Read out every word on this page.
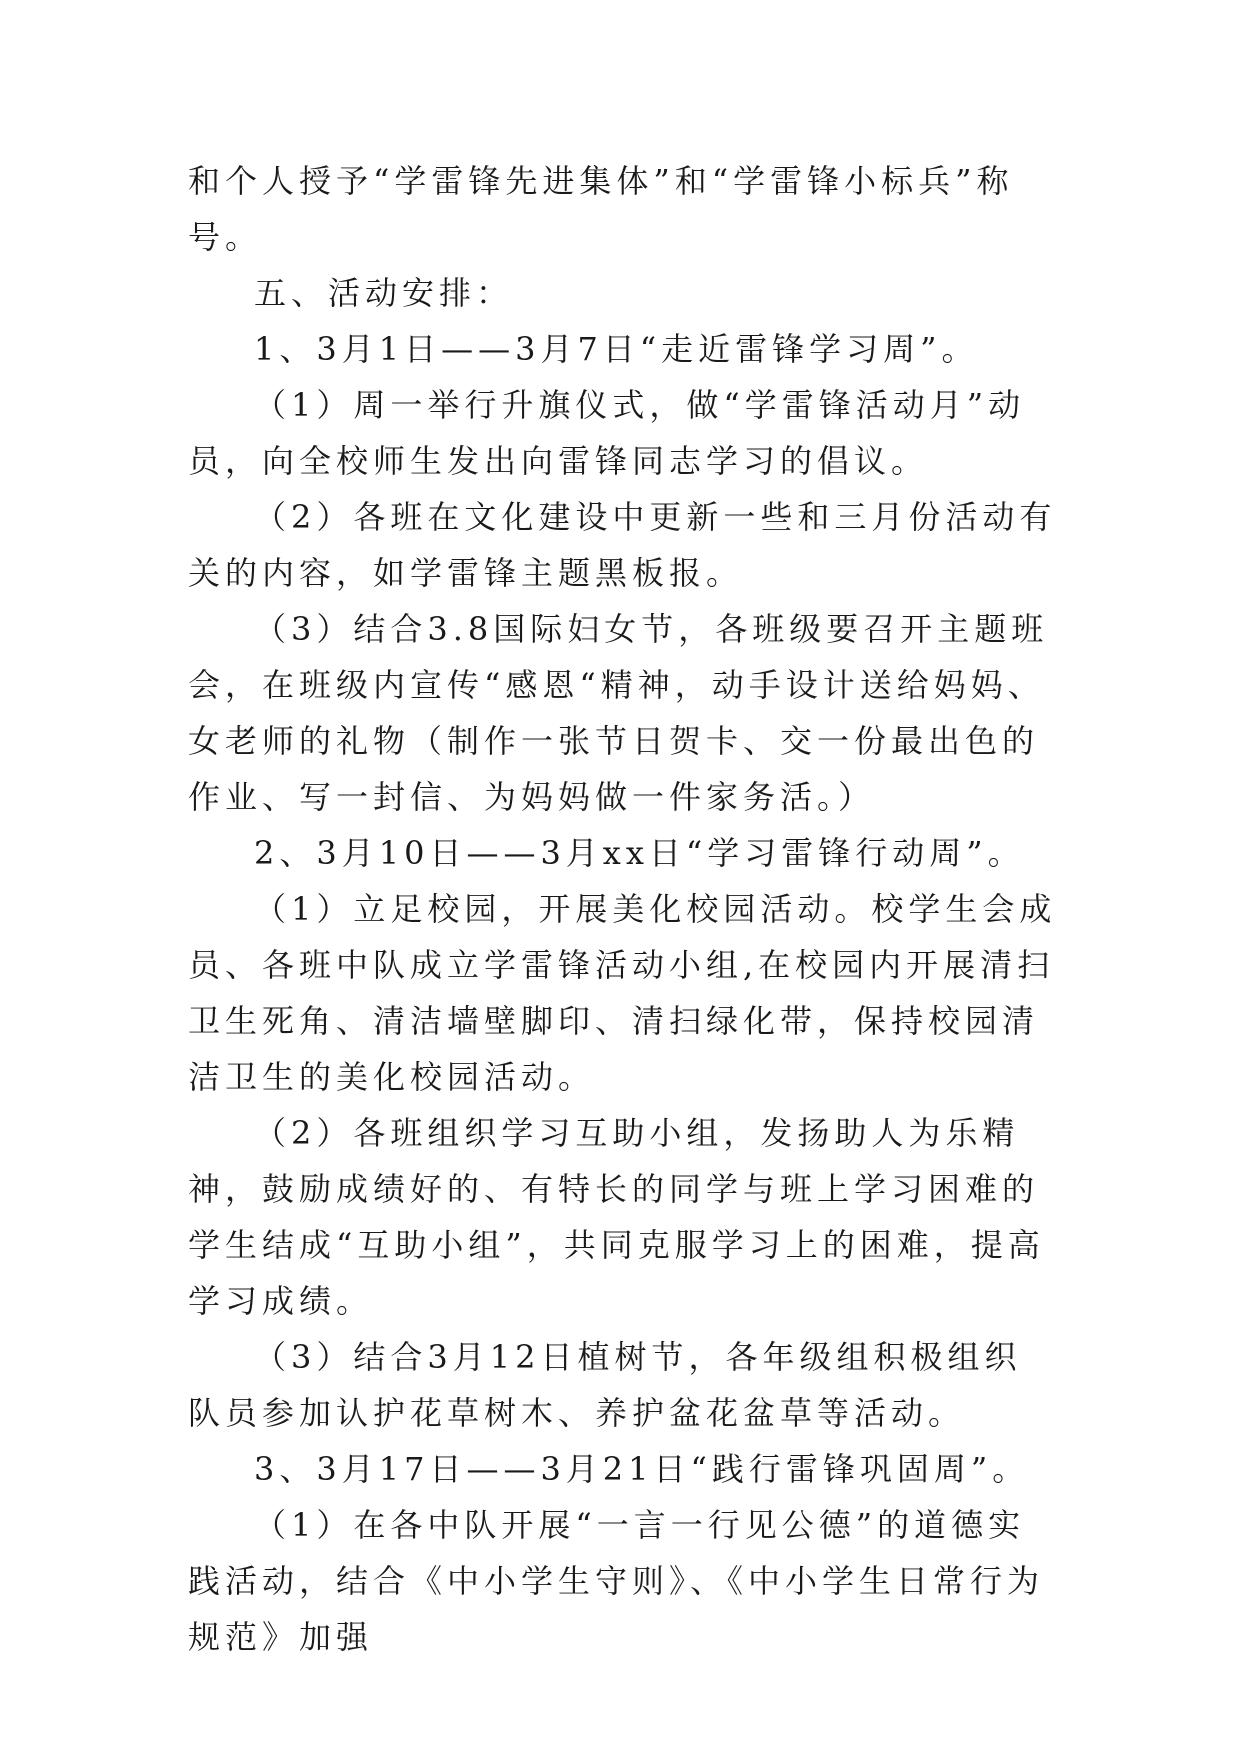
和个人授予“学雷锋先进集体”和“学雷锋小标兵”称号。

五、活动安排：

1、3月1日——3月7日“走近雷锋学习周”。

（1）周一举行升旗仪式，做“学雷锋活动月”动员，向全校师生发出向雷锋同志学习的倡议。

（2）各班在文化建设中更新一些和三月份活动有关的内容，如学雷锋主题黑板报。

（3）结合3.8国际妇女节，各班级要召开主题班会，在班级内宣传“感恩“精神，动手设计送给妈妈、女老师的礼物（制作一张节日贺卡、交一份最出色的作业、写一封信、为妈妈做一件家务活。）

2、3月10日——3月xx日“学习雷锋行动周”。

（1）立足校园，开展美化校园活动。校学生会成员、各班中队成立学雷锋活动小组,在校园内开展清扫卫生死角、清洁墙壁脚印、清扫绿化带，保持校园清洁卫生的美化校园活动。

（2）各班组织学习互助小组，发扬助人为乐精神，鼓励成绩好的、有特长的同学与班上学习困难的学生结成“互助小组”，共同克服学习上的困难，提高学习成绩。

（3）结合3月12日植树节，各年级组积极组织队员参加认护花草树木、养护盆花盆草等活动。

3、3月17日——3月21日“践行雷锋巩固周”。

（1）在各中队开展“一言一行见公德”的道德实践活动，结合《中小学生守则》、《中小学生日常行为规范》加强
